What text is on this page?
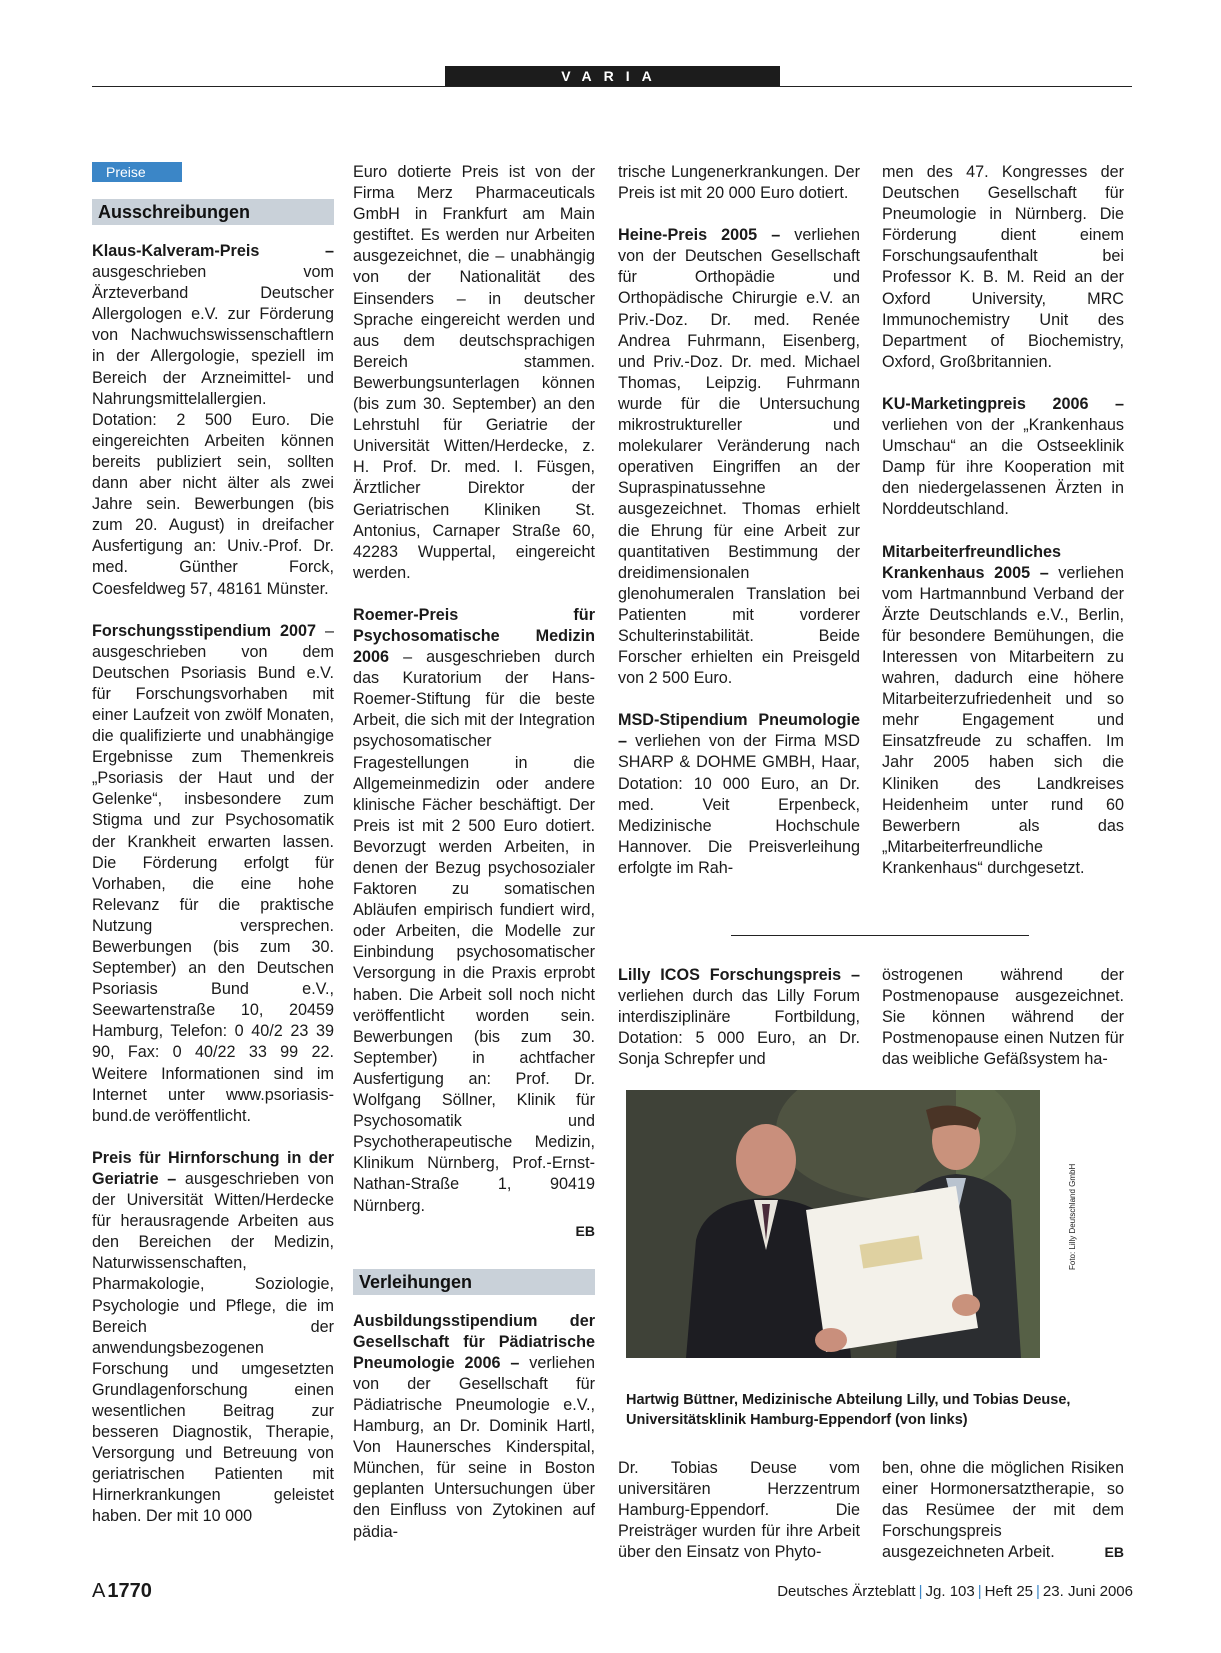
VARIA
Preise
Ausschreibungen

Klaus-Kalveram-Preis – ausgeschrieben vom Ärzteverband Deutscher Allergologen e.V. zur Förderung von Nachwuchswissenschaftlern in der Allergologie, speziell im Bereich der Arzneimittel- und Nahrungsmittelallergien. Dotation: 2 500 Euro. Die eingereichten Arbeiten können bereits publiziert sein, sollten dann aber nicht älter als zwei Jahre sein. Bewerbungen (bis zum 20. August) in dreifacher Ausfertigung an: Univ.-Prof. Dr. med. Günther Forck, Coesfeldweg 57, 48161 Münster.

Forschungsstipendium 2007 – ausgeschrieben von dem Deutschen Psoriasis Bund e.V. für Forschungsvorhaben mit einer Laufzeit von zwölf Monaten, die qualifizierte und unabhängige Ergebnisse zum Themenkreis „Psoriasis der Haut und der Gelenke“, insbesondere zum Stigma und zur Psychosomatik der Krankheit erwarten lassen. Die Förderung erfolgt für Vorhaben, die eine hohe Relevanz für die praktische Nutzung versprechen. Bewerbungen (bis zum 30. September) an den Deutschen Psoriasis Bund e.V., Seewartenstraße 10, 20459 Hamburg, Telefon: 0 40/2 23 39 90, Fax: 0 40/22 33 99 22. Weitere Informationen sind im Internet unter www.psoriasis-bund.de veröffentlicht.

Preis für Hirnforschung in der Geriatrie – ausgeschrieben von der Universität Witten/Herdecke für herausragende Arbeiten aus den Bereichen der Medizin, Naturwissenschaften, Pharmakologie, Soziologie, Psychologie und Pflege, die im Bereich der anwendungsbezogenen Forschung und umgesetzten Grundlagenforschung einen wesentlichen Beitrag zur besseren Diagnostik, Therapie, Versorgung und Betreuung von geriatrischen Patienten mit Hirnerkrankungen geleistet haben. Der mit 10 000

Euro dotierte Preis ist von der Firma Merz Pharmaceuticals GmbH in Frankfurt am Main gestiftet. Es werden nur Arbeiten ausgezeichnet, die – unabhängig von der Nationalität des Einsenders – in deutscher Sprache eingereicht werden und aus dem deutschsprachigen Bereich stammen. Bewerbungsunterlagen können (bis zum 30. September) an den Lehrstuhl für Geriatrie der Universität Witten/Herdecke, z. H. Prof. Dr. med. I. Füsgen, Ärztlicher Direktor der Geriatrischen Kliniken St. Antonius, Carnaper Straße 60, 42283 Wuppertal, eingereicht werden.

Roemer-Preis für Psychosomatische Medizin 2006 – ausgeschrieben durch das Kuratorium der Hans-Roemer-Stiftung für die beste Arbeit, die sich mit der Integration psychosomatischer Fragestellungen in die Allgemeinmedizin oder andere klinische Fächer beschäftigt. Der Preis ist mit 2 500 Euro dotiert. Bevorzugt werden Arbeiten, in denen der Bezug psychosozialer Faktoren zu somatischen Abläufen empirisch fundiert wird, oder Arbeiten, die Modelle zur Einbindung psychosomatischer Versorgung in die Praxis erprobt haben. Die Arbeit soll noch nicht veröffentlicht worden sein. Bewerbungen (bis zum 30. September) in achtfacher Ausfertigung an: Prof. Dr. Wolfgang Söllner, Klinik für Psychosomatik und Psychotherapeutische Medizin, Klinikum Nürnberg, Prof.-Ernst-Nathan-Straße 1, 90419 Nürnberg.

EB
Verleihungen

Ausbildungsstipendium der Gesellschaft für Pädiatrische Pneumologie 2006 – verliehen von der Gesellschaft für Pädiatrische Pneumologie e.V., Hamburg, an Dr. Dominik Hartl, Von Haunersches Kinderspital, München, für seine in Boston geplanten Untersuchungen über den Einfluss von Zytokinen auf pädia-

trische Lungenerkrankungen. Der Preis ist mit 20 000 Euro dotiert.

Heine-Preis 2005 – verliehen von der Deutschen Gesellschaft für Orthopädie und Orthopädische Chirurgie e.V. an Priv.-Doz. Dr. med. Renée Andrea Fuhrmann, Eisenberg, und Priv.-Doz. Dr. med. Michael Thomas, Leipzig. Fuhrmann wurde für die Untersuchung mikrostruktureller und molekularer Veränderung nach operativen Eingriffen an der Supraspinatussehne ausgezeichnet. Thomas erhielt die Ehrung für eine Arbeit zur quantitativen Bestimmung der dreidimensionalen glenohumeralen Translation bei Patienten mit vorderer Schulterinstabilität. Beide Forscher erhielten ein Preisgeld von 2 500 Euro.

MSD-Stipendium Pneumologie – verliehen von der Firma MSD SHARP & DOHME GMBH, Haar, Dotation: 10 000 Euro, an Dr. med. Veit Erpenbeck, Medizinische Hochschule Hannover. Die Preisverleihung erfolgte im Rah-

men des 47. Kongresses der Deutschen Gesellschaft für Pneumologie in Nürnberg. Die Förderung dient einem Forschungsaufenthalt bei Professor K. B. M. Reid an der Oxford University, MRC Immunochemistry Unit des Department of Biochemistry, Oxford, Großbritannien.

KU-Marketingpreis 2006 – verliehen von der „Krankenhaus Umschau“ an die Ostseeklinik Damp für ihre Kooperation mit den niedergelassenen Ärzten in Norddeutschland.

Mitarbeiterfreundliches Krankenhaus 2005 – verliehen vom Hartmannbund Verband der Ärzte Deutschlands e.V., Berlin, für besondere Bemühungen, die Interessen von Mitarbeitern zu wahren, dadurch eine höhere Mitarbeiterzufriedenheit und so mehr Engagement und Einsatzfreude zu schaffen. Im Jahr 2005 haben sich die Kliniken des Landkreises Heidenheim unter rund 60 Bewerbern als das „Mitarbeiterfreundliche Krankenhaus“ durchgesetzt.

Lilly ICOS Forschungspreis – verliehen durch das Lilly Forum interdisziplinäre Fortbildung, Dotation: 5 000 Euro, an Dr. Sonja Schrepfer und
östrogenen während der Postmenopause ausgezeichnet. Sie können während der Postmenopause einen Nutzen für das weibliche Gefäßsystem ha-
Foto: Lilly Deutschland GmbH
Hartwig Büttner, Medizinische Abteilung Lilly, und Tobias Deuse, Universitätsklinik Hamburg-Eppendorf (von links)
Dr. Tobias Deuse vom universitären Herzzentrum Hamburg-Eppendorf. Die Preisträger wurden für ihre Arbeit über den Einsatz von Phyto-
ben, ohne die möglichen Risiken einer Hormonersatztherapie, so das Resümee der mit dem Forschungspreis ausgezeichneten Arbeit.	EB
A 1770	Deutsches Ärzteblatt | Jg. 103 | Heft 25 | 23. Juni 2006
